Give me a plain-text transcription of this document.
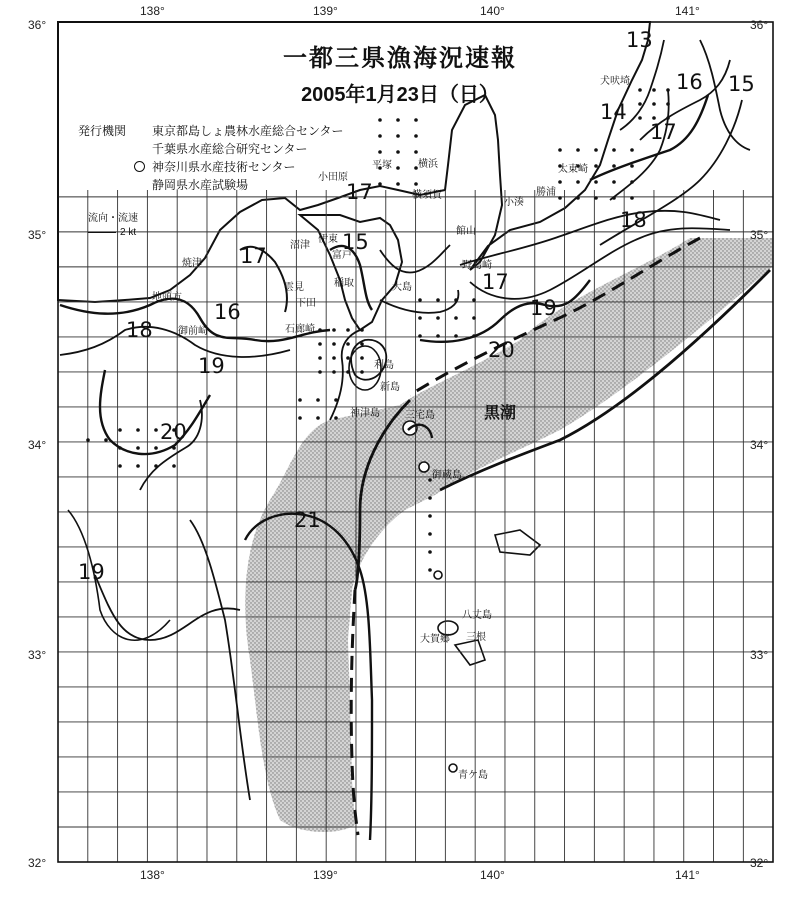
138°	139°	140°	141°
138°	139°	140°	141°
36°
35°
34°
33°
32°
36°
35°
34°
33°
32°
一都三県漁海況速報
2005年1月23日（日）
発行機関 東京都島しょ農林水産総合センター
千葉県水産総合研究センター
神奈川県水産技術センター
静岡県水産試験場
流向・流速
2 kt
焼津
沼津
伊東
小田原
平塚
横須賀
横浜
館山
野島崎
小湊
勝浦
太東崎
犬吠埼
地頭方
御前崎	石廊崎
下田
稲取	大島
利島
新島
神津島	三宅島
御蔵島
八丈島
大賀郷 三根
青ケ島
富戸
雲見
13
16 15
14
17
18
17
15
17
17
19
16
18
20
19
20
21
19
黒潮
